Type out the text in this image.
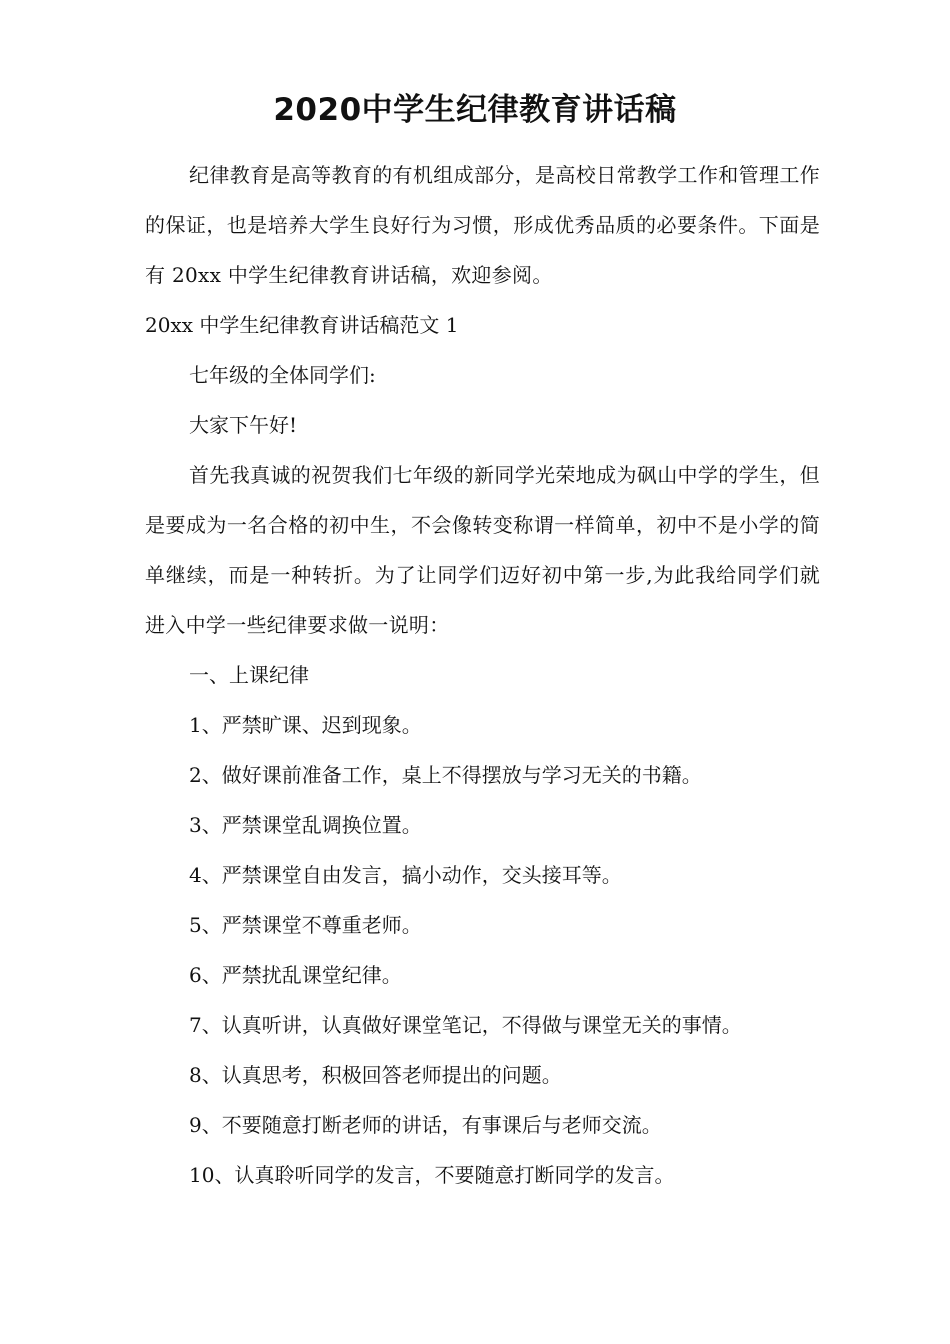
2020中学生纪律教育讲话稿

纪律教育是高等教育的有机组成部分，是高校日常教学工作和管理工作的保证，也是培养大学生良好行为习惯，形成优秀品质的必要条件。下面是有 20xx 中学生纪律教育讲话稿，欢迎参阅。

20xx 中学生纪律教育讲话稿范文 1

七年级的全体同学们:

大家下午好!

首先我真诚的祝贺我们七年级的新同学光荣地成为砜山中学的学生，但是要成为一名合格的初中生，不会像转变称谓一样简单，初中不是小学的简单继续，而是一种转折。为了让同学们迈好初中第一步,为此我给同学们就进入中学一些纪律要求做一说明：

一、上课纪律

1、严禁旷课、迟到现象。

2、做好课前准备工作，桌上不得摆放与学习无关的书籍。

3、严禁课堂乱调换位置。

4、严禁课堂自由发言，搞小动作，交头接耳等。

5、严禁课堂不尊重老师。

6、严禁扰乱课堂纪律。

7、认真听讲，认真做好课堂笔记，不得做与课堂无关的事情。

8、认真思考，积极回答老师提出的问题。

9、不要随意打断老师的讲话，有事课后与老师交流。

10、认真聆听同学的发言，不要随意打断同学的发言。
